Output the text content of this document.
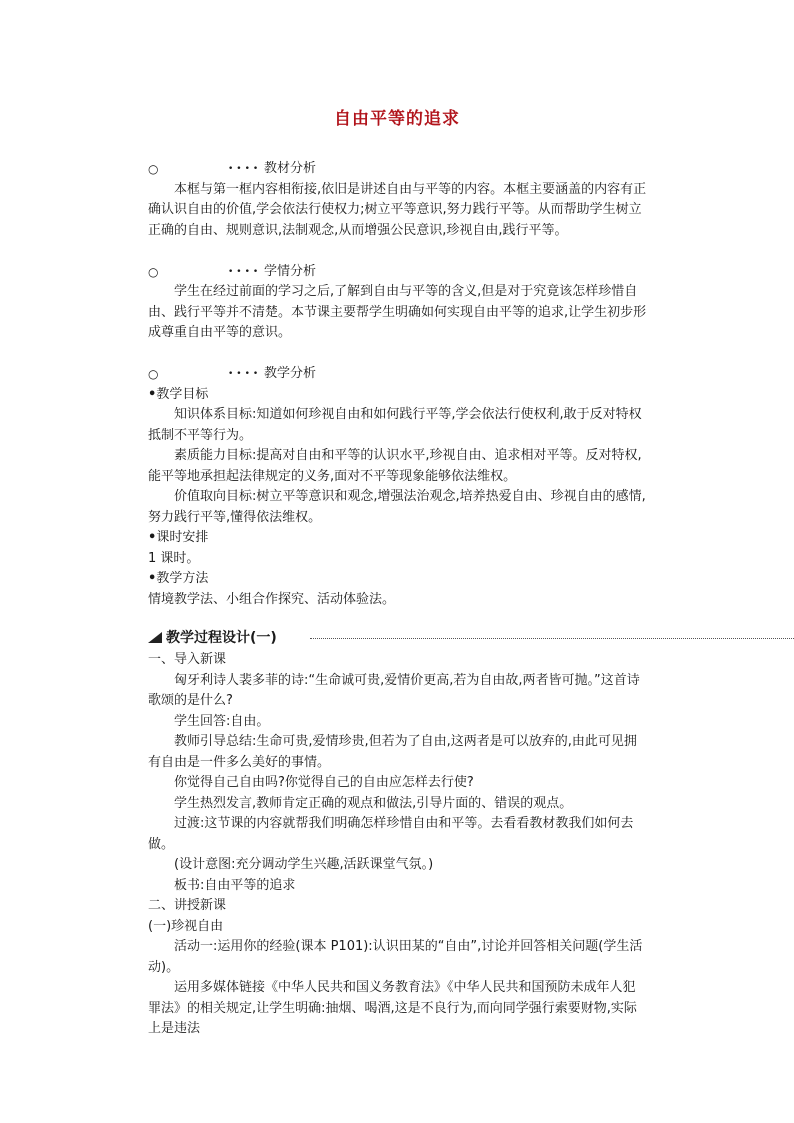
自由平等的追求
○	•••• 教材分析

本框与第一框内容相衔接,依旧是讲述自由与平等的内容。本框主要涵盖的内容有正确认识自由的价值,学会依法行使权力;树立平等意识,努力践行平等。从而帮助学生树立正确的自由、规则意识,法制观念,从而增强公民意识,珍视自由,践行平等。

○	•••• 学情分析

学生在经过前面的学习之后,了解到自由与平等的含义,但是对于究竟该怎样珍惜自由、践行平等并不清楚。本节课主要帮学生明确如何实现自由平等的追求,让学生初步形成尊重自由平等的意识。

○	•••• 教学分析

• 教学目标

知识体系目标:知道如何珍视自由和如何践行平等,学会依法行使权利,敢于反对特权抵制不平等行为。

素质能力目标:提高对自由和平等的认识水平,珍视自由、追求相对平等。反对特权,能平等地承担起法律规定的义务,面对不平等现象能够依法维权。

价值取向目标:树立平等意识和观念,增强法治观念,培养热爱自由、珍视自由的感情,努力践行平等,懂得依法维权。

• 课时安排

1 课时。

• 教学方法

情境教学法、小组合作探究、活动体验法。

教学过程设计(一)

一、导入新课

匈牙利诗人裴多菲的诗:“生命诚可贵,爱情价更高,若为自由故,两者皆可抛。”这首诗歌颂的是什么?

学生回答:自由。

教师引导总结:生命可贵,爱情珍贵,但若为了自由,这两者是可以放弃的,由此可见拥有自由是一件多么美好的事情。

你觉得自己自由吗?你觉得自己的自由应怎样去行使?

学生热烈发言,教师肯定正确的观点和做法,引导片面的、错误的观点。

过渡:这节课的内容就帮我们明确怎样珍惜自由和平等。去看看教材教我们如何去做。

(设计意图:充分调动学生兴趣,活跃课堂气氛。)

板书:自由平等的追求

二、讲授新课

(一)珍视自由

活动一:运用你的经验(课本 P101):认识田某的“自由”,讨论并回答相关问题(学生活动)。

运用多媒体链接《中华人民共和国义务教育法》《中华人民共和国预防未成年人犯罪法》的相关规定,让学生明确:抽烟、喝酒,这是不良行为,而向同学强行索要财物,实际上是违法
